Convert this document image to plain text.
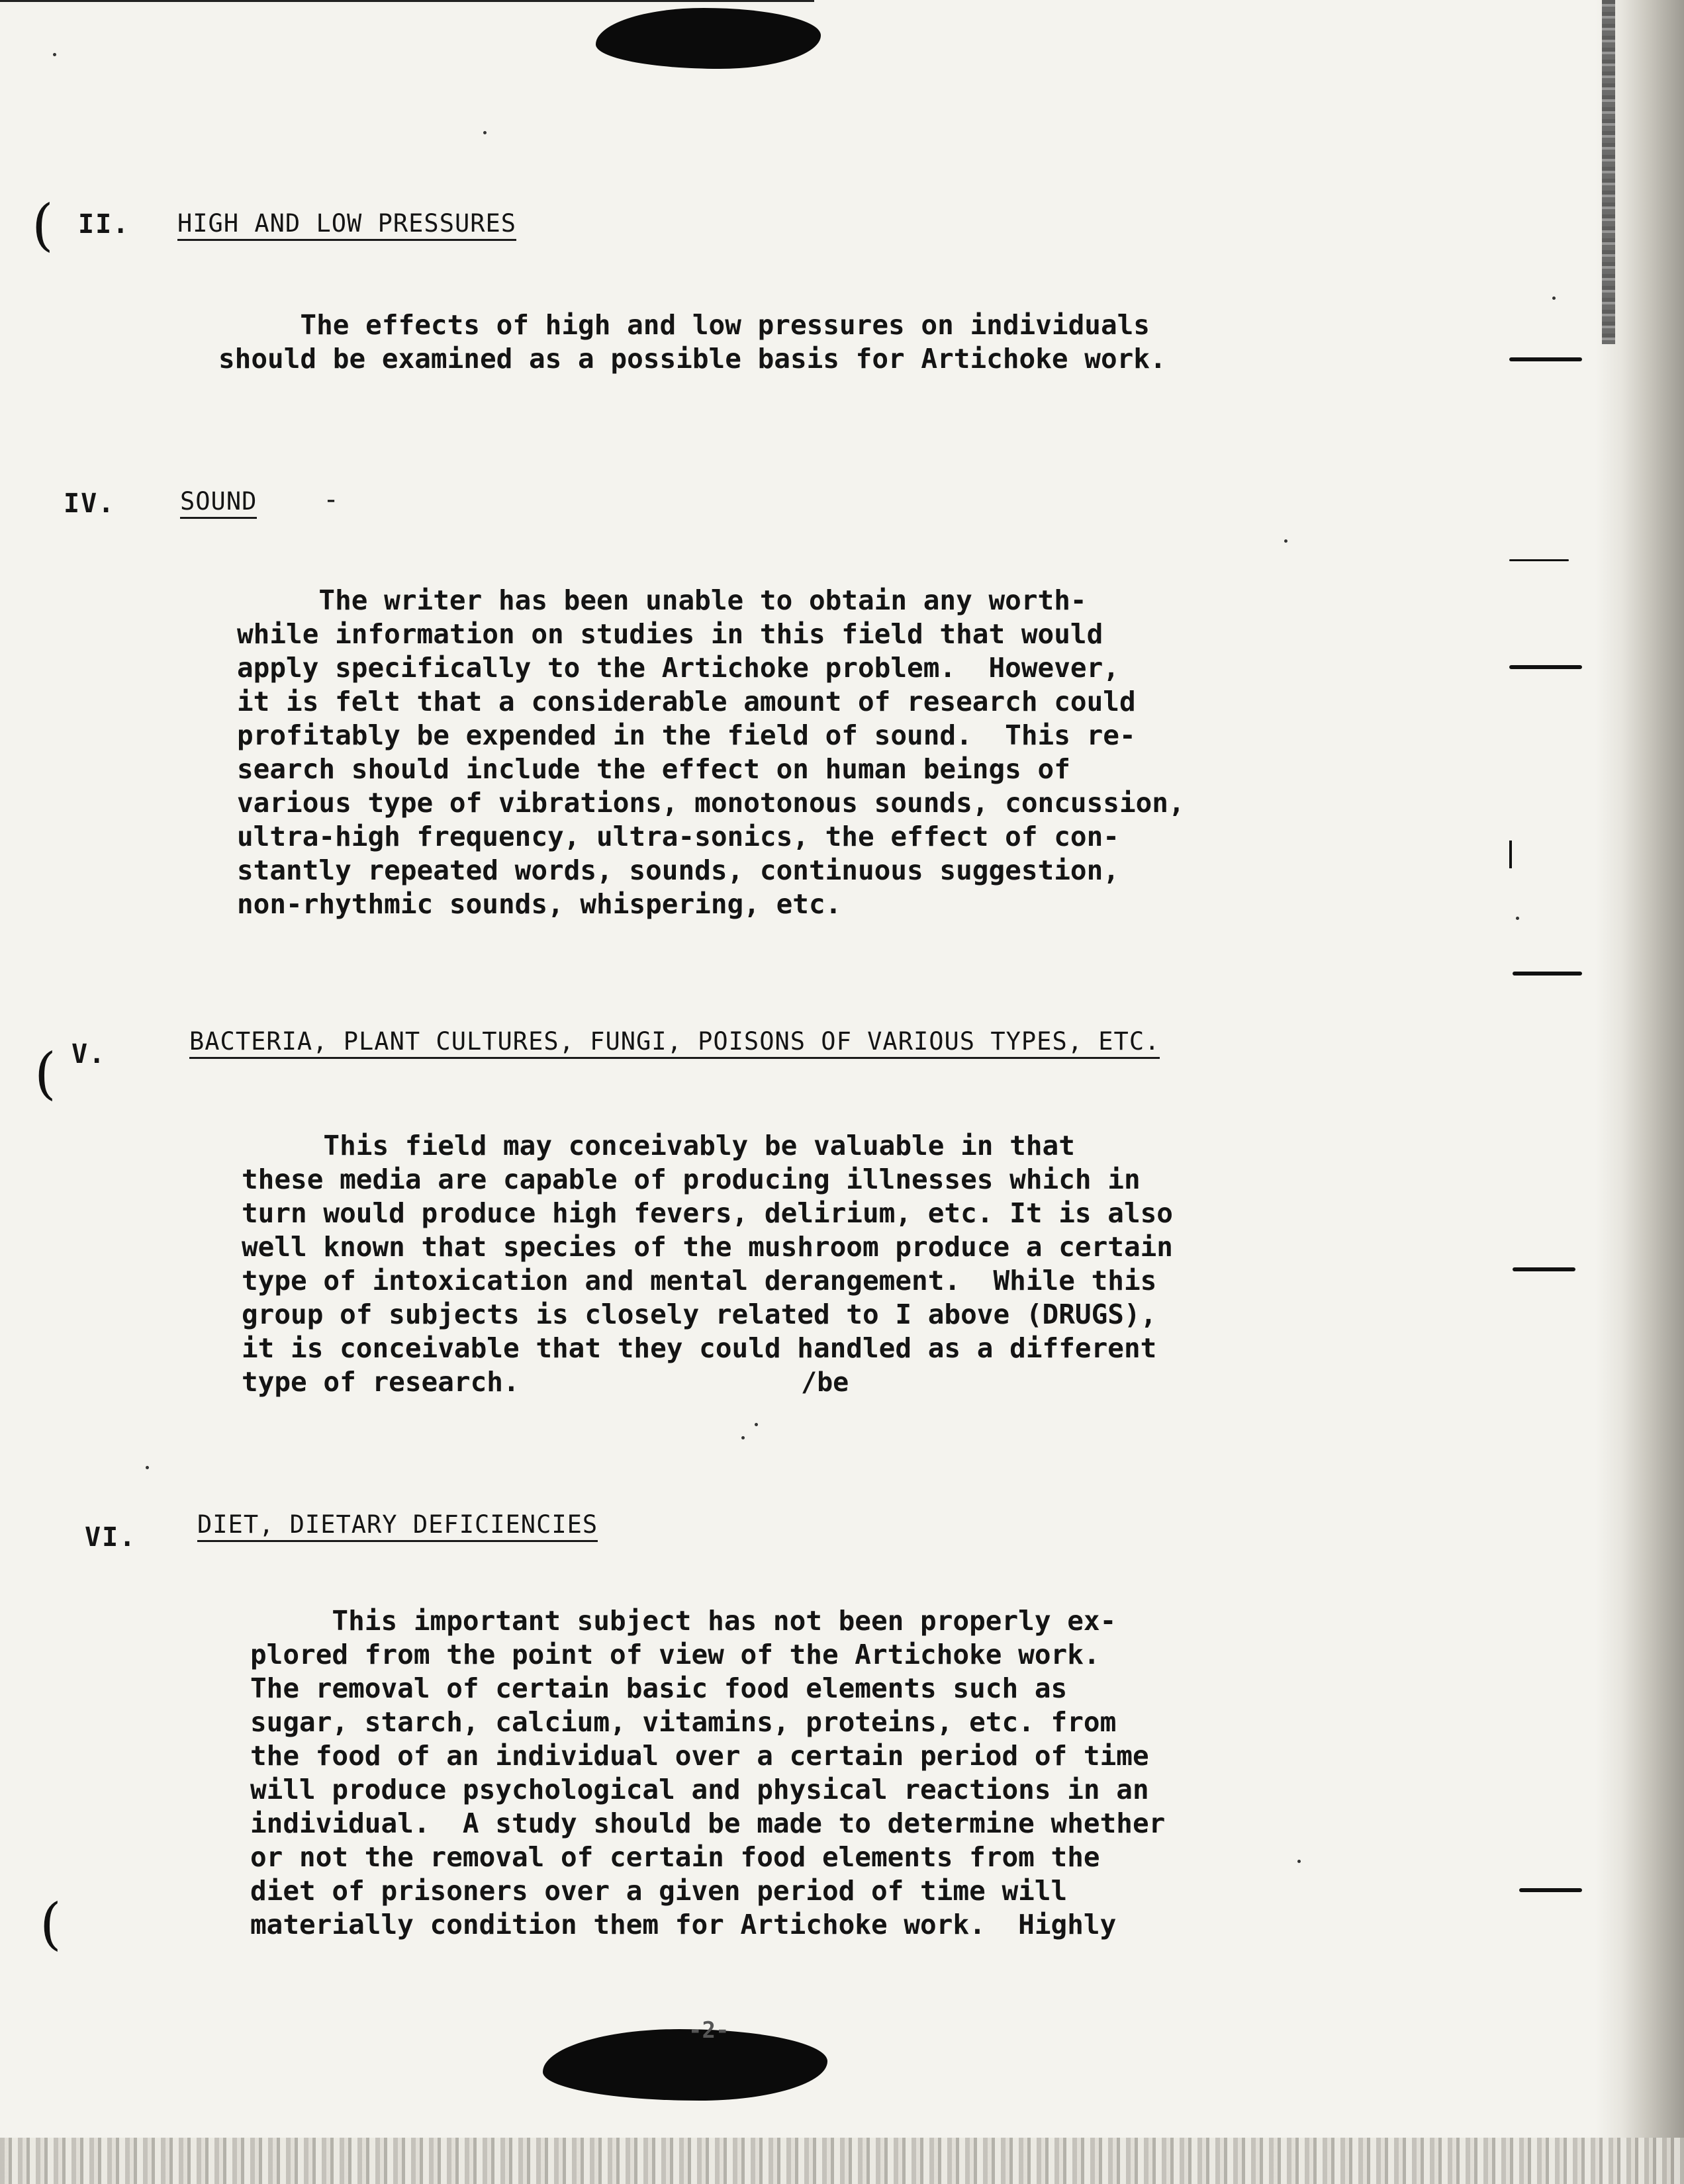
(
(
(
II. HIGH AND LOW PRESSURES
The effects of high and low pressures on individuals
should be examined as a possible basis for Artichoke work.
IV.	SOUND -
The writer has been unable to obtain any worth-
while information on studies in this field that would
apply specifically to the Artichoke problem.  However,
it is felt that a considerable amount of research could
profitably be expended in the field of sound.  This re-
search should include the effect on human beings of
various type of vibrations, monotonous sounds, concussion,
ultra-high frequency, ultra-sonics, the effect of con-
stantly repeated words, sounds, continuous suggestion,
non-rhythmic sounds, whispering, etc.
V.	BACTERIA, PLANT CULTURES, FUNGI, POISONS OF VARIOUS TYPES, ETC.
This field may conceivably be valuable in that
these media are capable of producing illnesses which in
turn would produce high fevers, delirium, etc. It is also
well known that species of the mushroom produce a certain
type of intoxication and mental derangement.  While this
group of subjects is closely related to I above (DRUGS),
it is conceivable that they could handled as a different
type of research.	/be
VI. DIET, DIETARY DEFICIENCIES
This important subject has not been properly ex-
plored from the point of view of the Artichoke work.
The removal of certain basic food elements such as
sugar, starch, calcium, vitamins, proteins, etc. from
the food of an individual over a certain period of time
will produce psychological and physical reactions in an
individual.  A study should be made to determine whether
or not the removal of certain food elements from the
diet of prisoners over a given period of time will
materially condition them for Artichoke work.  Highly
-2-
